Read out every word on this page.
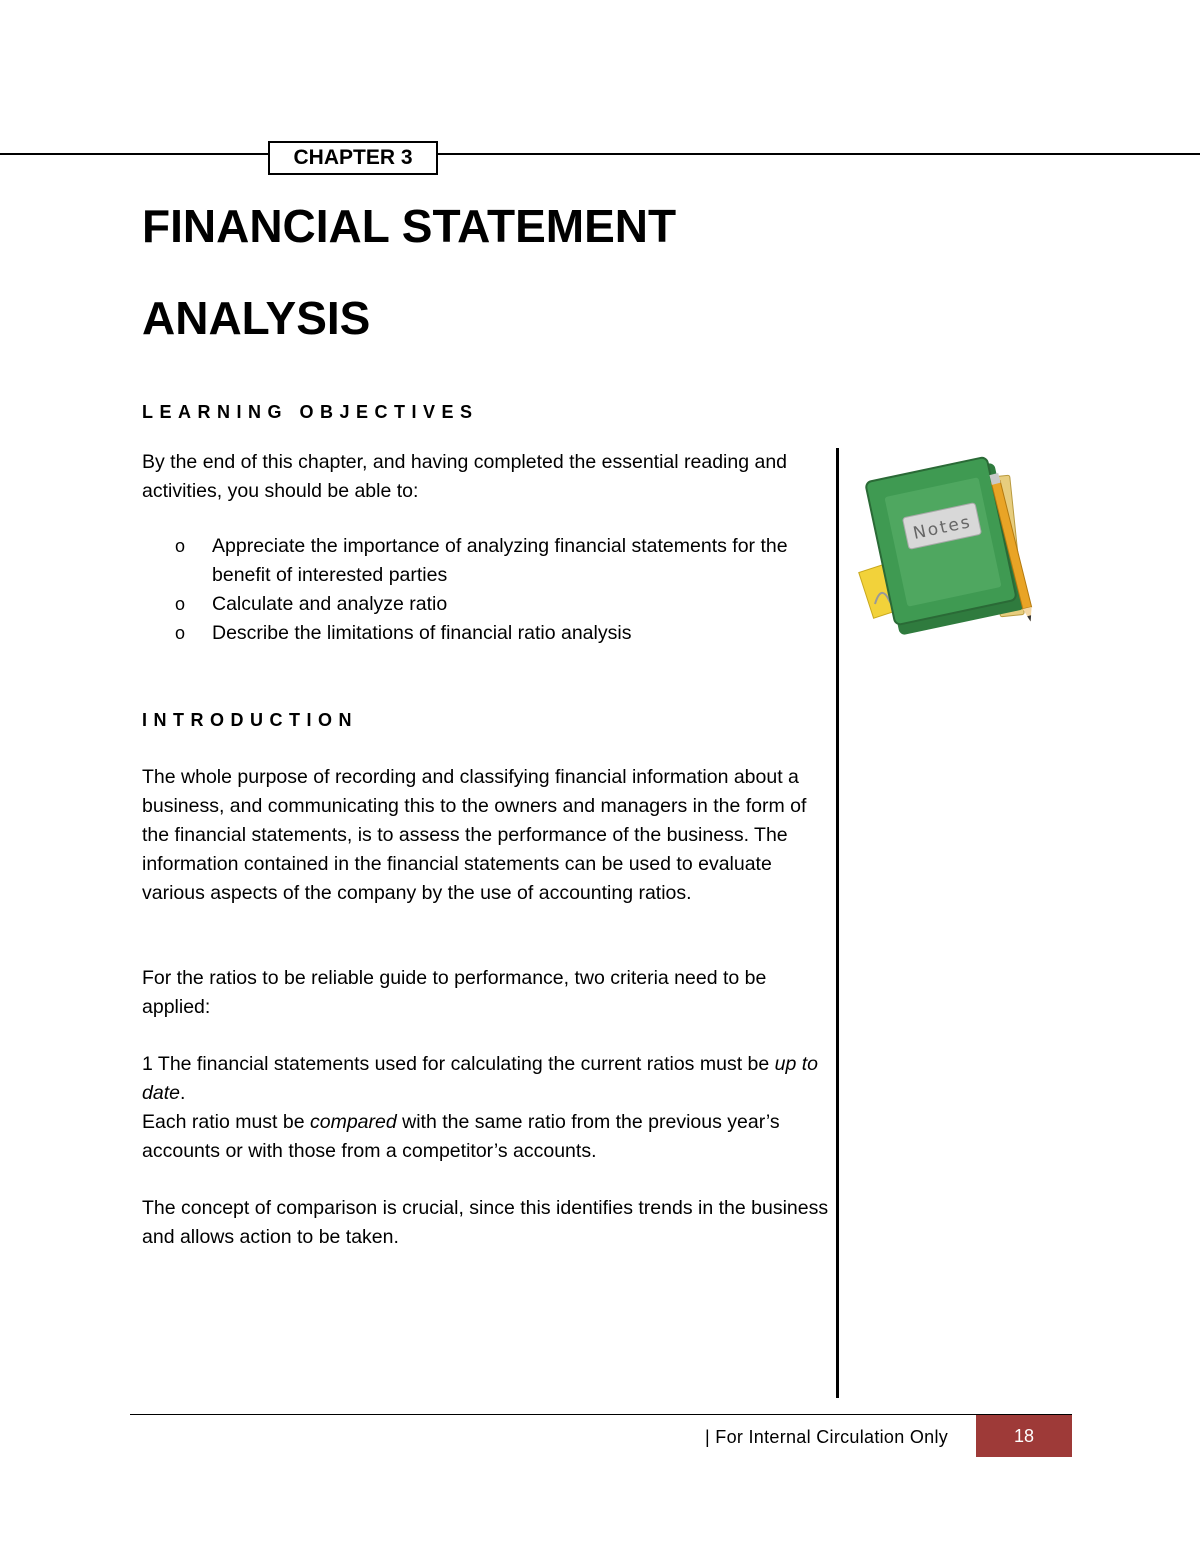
CHAPTER 3
FINANCIAL STATEMENT
ANALYSIS
LEARNING OBJECTIVES

By the end of this chapter, and having completed the essential reading and activities, you should be able to:

o Appreciate the importance of analyzing financial statements for the benefit of interested parties
o Calculate and analyze ratio
o Describe the limitations of financial ratio analysis
INTRODUCTION

The whole purpose of recording and classifying financial information about a business, and communicating this to the owners and managers in the form of the financial statements, is to assess the performance of the business. The information contained in the financial statements can be used to evaluate various aspects of the company by the use of accounting ratios.

For the ratios to be reliable guide to performance, two criteria need to be applied:

1 The financial statements used for calculating the current ratios must be up to date.

Each ratio must be compared with the same ratio from the previous year’s accounts or with those from a competitor’s accounts.

The concept of comparison is crucial, since this identifies trends in the business and allows action to be taken.

Notes
| For Internal Circulation Only	18
